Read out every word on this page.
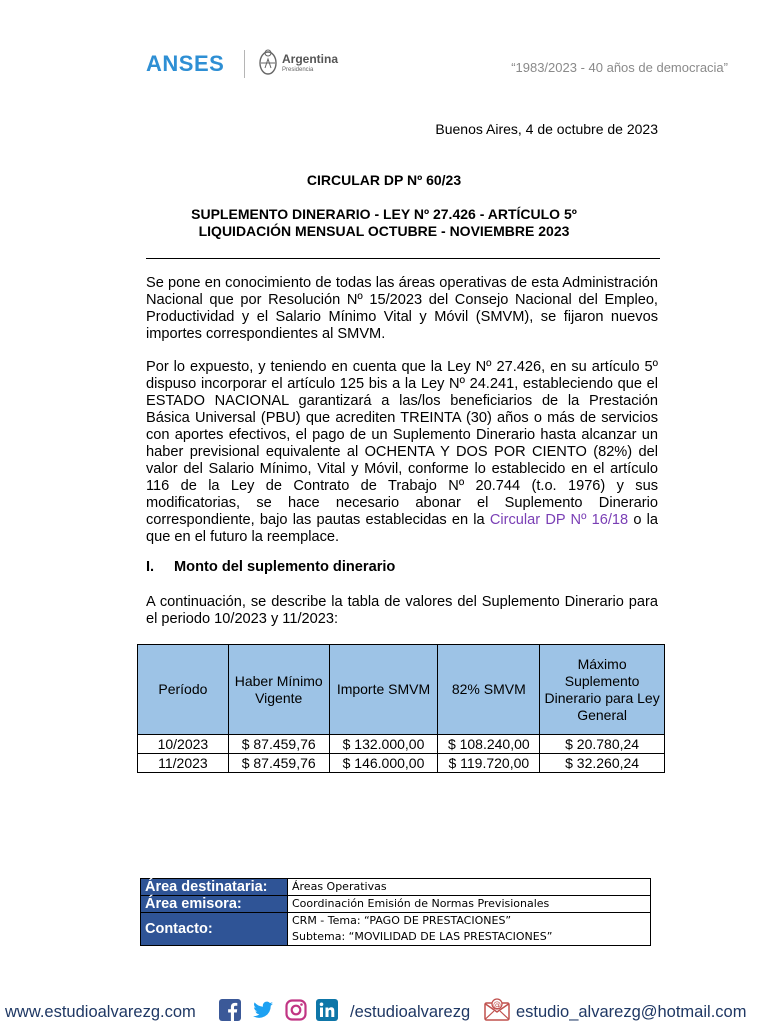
ANSES	Argentina
Presidencia	“1983/2023 - 40 años de democracia”
Buenos Aires, 4 de octubre de 2023
CIRCULAR DP Nº 60/23
SUPLEMENTO DINERARIO - LEY Nº 27.426 - ARTÍCULO 5º
LIQUIDACIÓN MENSUAL OCTUBRE - NOVIEMBRE 2023

Se pone en conocimiento de todas las áreas operativas de esta Administración Nacional que por Resolución Nº 15/2023 del Consejo Nacional del Empleo, Productividad y el Salario Mínimo Vital y Móvil (SMVM), se fijaron nuevos importes correspondientes al SMVM.

Por lo expuesto, y teniendo en cuenta que la Ley Nº 27.426, en su artículo 5º dispuso incorporar el artículo 125 bis a la Ley Nº 24.241, estableciendo que el ESTADO NACIONAL garantizará a las/los beneficiarios de la Prestación Básica Universal (PBU) que acrediten TREINTA (30) años o más de servicios con aportes efectivos, el pago de un Suplemento Dinerario hasta alcanzar un haber previsional equivalente al OCHENTA Y DOS POR CIENTO (82%) del valor del Salario Mínimo, Vital y Móvil, conforme lo establecido en el artículo 116 de la Ley de Contrato de Trabajo Nº 20.744 (t.o. 1976) y sus modificatorias, se hace necesario abonar el Suplemento Dinerario correspondiente, bajo las pautas establecidas en la Circular DP Nº 16/18 o la que en el futuro la reemplace.

I. Monto del suplemento dinerario

A continuación, se describe la tabla de valores del Suplemento Dinerario para el periodo 10/2023 y 11/2023:

Período	Haber Mínimo Vigente	Importe SMVM	82% SMVM	Máximo Suplemento Dinerario para Ley General
10/2023	$ 87.459,76	$ 132.000,00	$ 108.240,00	$ 20.780,24
11/2023	$ 87.459,76	$ 146.000,00	$ 119.720,00	$ 32.260,24
Área destinataria:	Áreas Operativas
Área emisora:	Coordinación Emisión de Normas Previsionales
Contacto:	CRM - Tema: “PAGO DE PRESTACIONES”
Subtema: “MOVILIDAD DE LAS PRESTACIONES”
www.estudioalvarezg.com	/estudioalvarezg	@ estudio_alvarezg@hotmail.com
